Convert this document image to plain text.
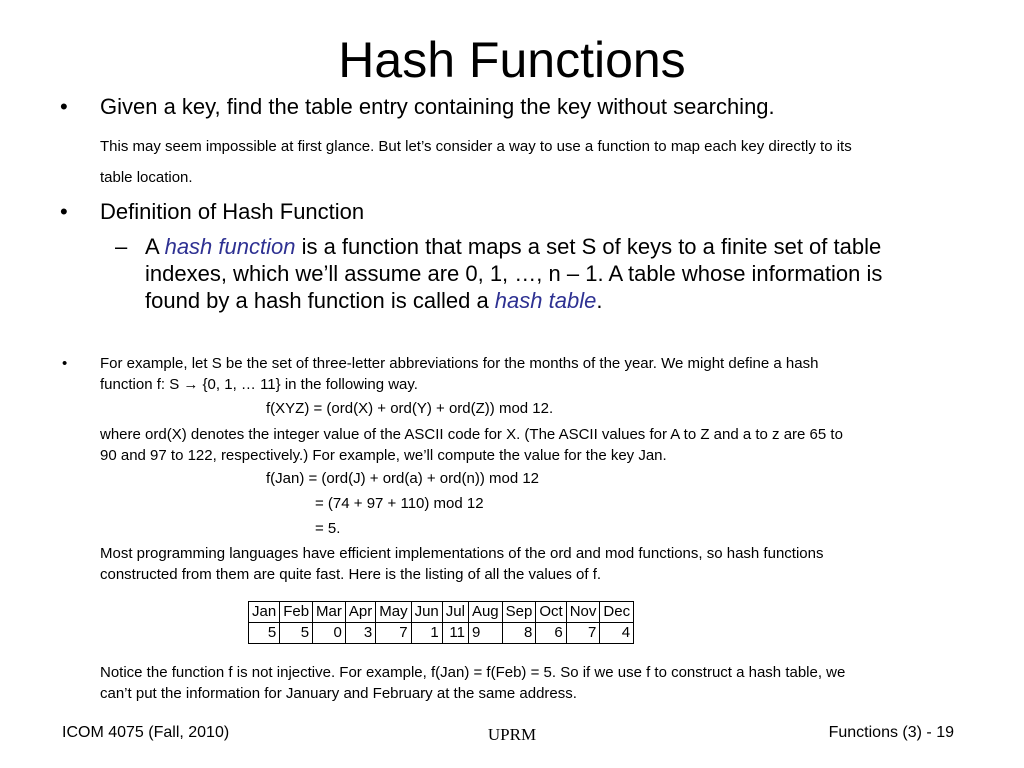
Hash Functions
• Given a key, find the table entry containing the key without searching.
This may seem impossible at first glance. But let’s consider a way to use a function to map each key directly to its
table location.
• Definition of Hash Function
– A hash function is a function that maps a set S of keys to a finite set of table
indexes, which we’ll assume are 0, 1, …, n – 1. A table whose information is
found by a hash function is called a hash table.
• For example, let S be the set of three-letter abbreviations for the months of the year. We might define a hash
function f: S → {0, 1, … 11} in the following way.
f(XYZ) = (ord(X) + ord(Y) + ord(Z)) mod 12.
where ord(X) denotes the integer value of the ASCII code for X. (The ASCII values for A to Z and a to z are 65 to
90 and 97 to 122, respectively.) For example, we’ll compute the value for the key Jan.
f(Jan) = (ord(J) + ord(a) + ord(n)) mod 12
= (74 + 97 + 110) mod 12
= 5.
Most programming languages have efficient implementations of the ord and mod functions, so hash functions
constructed from them are quite fast. Here is the listing of all the values of f.
Jan	Feb	Mar	Apr	May	Jun	Jul	Aug	Sep	Oct	Nov	Dec
5	5	0	3	7	1	11	9	8	6	7	4
Notice the function f is not injective. For example, f(Jan) = f(Feb) = 5. So if we use f to construct a hash table, we
can’t put the information for January and February at the same address.
ICOM 4075 (Fall, 2010)	UPRM	Functions (3) - 19
